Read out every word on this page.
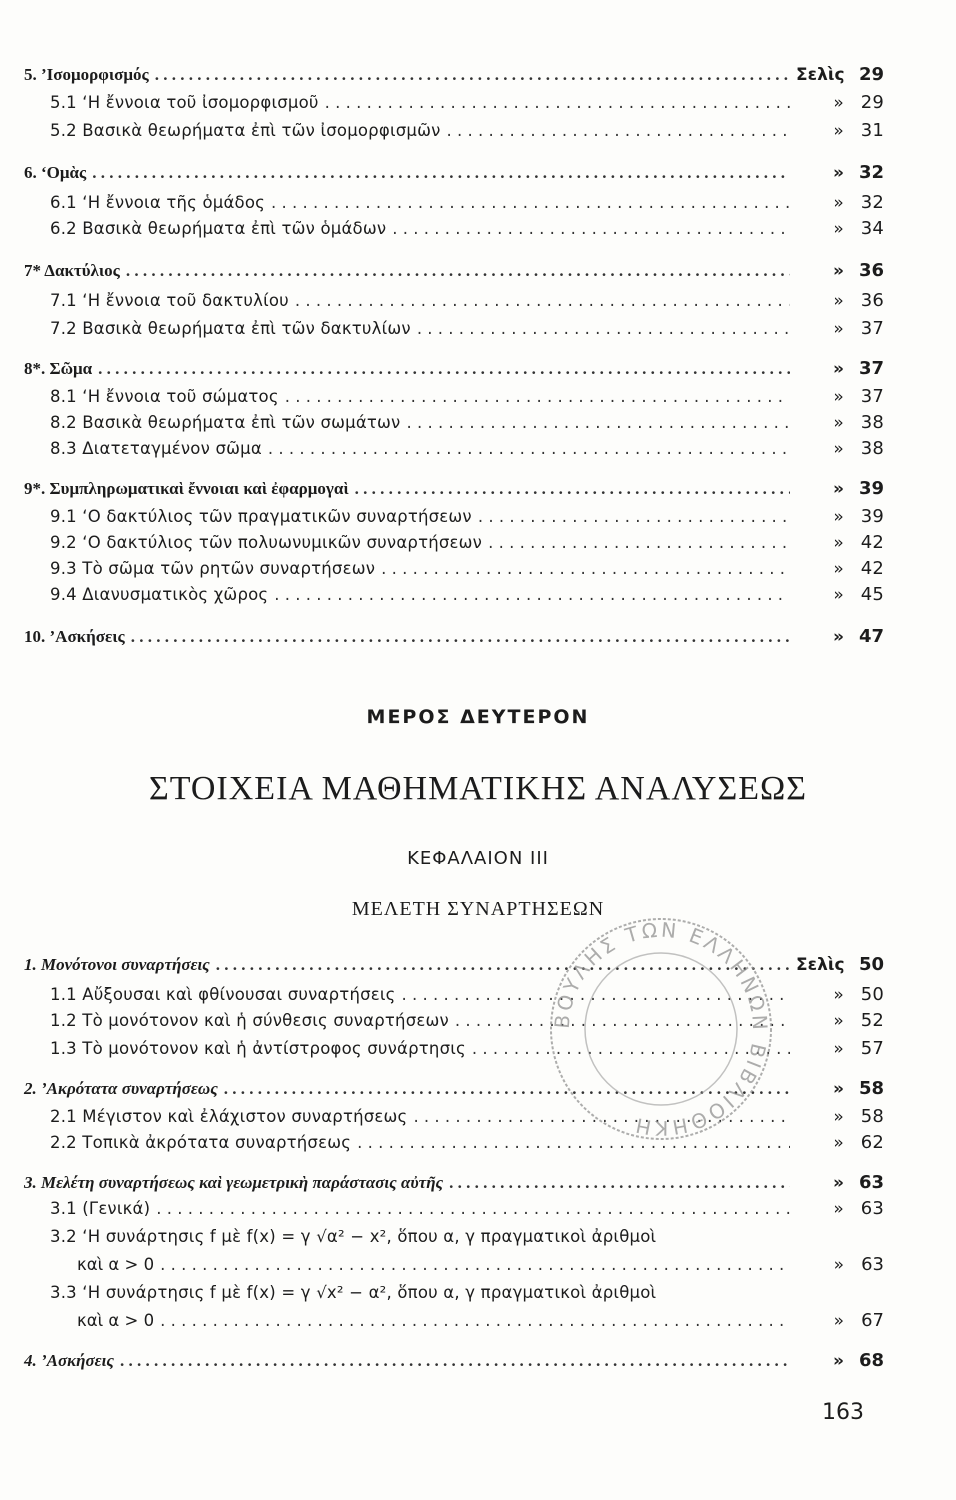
5. ’Ισομορφισμός . . .	Σελὶς 29
5.1 ‘Η ἔννοια τοῦ ἰσομορφισμοῦ . . .	» 29
5.2 Βασικὰ θεωρήματα ἐπὶ τῶν ἰσομορφισμῶν . . .	» 31
6. ‘Ομὰς . . .	» 32
6.1 ‘Η ἔννοια τῆς ὁμάδος . . .	» 32
6.2 Βασικὰ θεωρήματα ἐπὶ τῶν ὁμάδων . . .	» 34
7* Δακτύλιος . . .	» 36
7.1 ‘Η ἔννοια τοῦ δακτυλίου . . .	» 36
7.2 Βασικὰ θεωρήματα ἐπὶ τῶν δακτυλίων . . .	» 37
8*. Σῶμα . . .	» 37
8.1 ‘Η ἔννοια τοῦ σώματος . . .	» 37
8.2 Βασικὰ θεωρήματα ἐπὶ τῶν σωμάτων . . .	» 38
8.3 Διατεταγμένον σῶμα . . .	» 38
9*. Συμπληρωματικαὶ ἔννοιαι καὶ ἐφαρμογαὶ . . .	» 39
9.1 ‘Ο δακτύλιος τῶν πραγματικῶν συναρτήσεων . . .	» 39
9.2 ‘Ο δακτύλιος τῶν πολυωνυμικῶν συναρτήσεων . . .	» 42
9.3 Τὸ σῶμα τῶν ρητῶν συναρτήσεων . . .	» 42
9.4 Διανυσματικὸς χῶρος . . .	» 45
10. ’Ασκήσεις . . .	» 47
ΜΕΡΟΣ ΔΕΥΤΕΡΟΝ
ΣΤΟΙΧΕΙΑ ΜΑΘΗΜΑΤΙΚΗΣ ΑΝΑΛΥΣΕΩΣ
ΚΕΦΑΛΑΙΟΝ III
ΜΕΛΕΤΗ ΣΥΝΑΡΤΗΣΕΩΝ
1. Μονότονοι συναρτήσεις . . .	Σελὶς 50
1.1 Αὔξουσαι καὶ φθίνουσαι συναρτήσεις . . .	» 50
1.2 Τὸ μονότονον καὶ ἡ σύνθεσις συναρτήσεων . . .	» 52
1.3 Τὸ μονότονον καὶ ἡ ἀντίστροφος συνάρτησις . . .	» 57
2. ’Ακρότατα συναρτήσεως . . .	» 58
2.1 Μέγιστον καὶ ἐλάχιστον συναρτήσεως . . .	» 58
2.2 Τοπικὰ ἀκρότατα συναρτήσεως . . .	» 62
3. Μελέτη συναρτήσεως καὶ γεωμετρικὴ παράστασις αὐτῆς . . .	» 63
3.1 (Γενικά) . . .	» 63
3.2 ‘Η συνάρτησις f μὲ f(x) = γ √α² − x², ὅπου α, γ πραγματικοὶ ἀριθμοὶ
καὶ α > 0 . . .	» 63
3.3 ‘Η συνάρτησις f μὲ f(x) = γ √x² − α², ὅπου α, γ πραγματικοὶ ἀριθμοὶ
καὶ α > 0 . . .	» 67
4. ’Ασκήσεις . . .	» 68
ΒΟΥΛΗΣ ΤΩΝ ΕΛΛΗΝΩΝ ΒΙΒΛΙΟΘΗΚΗ
163
